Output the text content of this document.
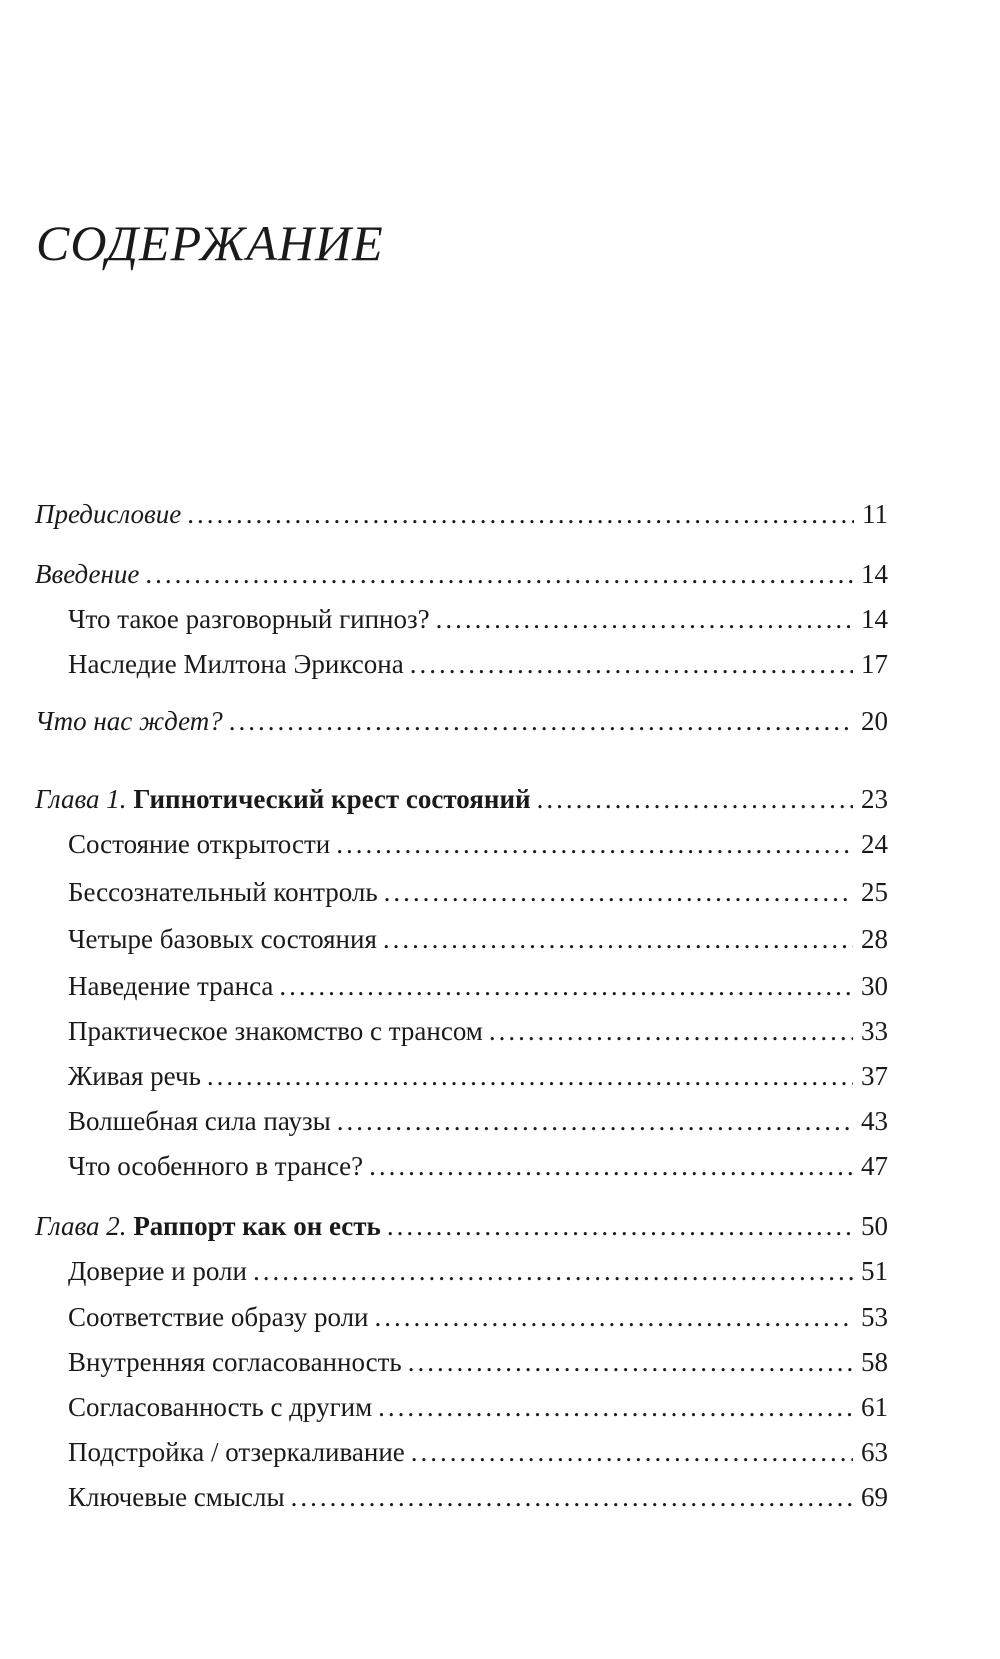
СОДЕРЖАНИЕ
Предисловие .....	11
Введение .....	14
Что такое разговорный гипноз? .....	14
Наследие Милтона Эриксона .....	17
Что нас ждет? .....	20
Глава 1. Гипнотический крест состояний .....	23
Состояние открытости .....	24
Бессознательный контроль .....	25
Четыре базовых состояния .....	28
Наведение транса .....	30
Практическое знакомство с трансом .....	33
Живая речь .....	37
Волшебная сила паузы .....	43
Что особенного в трансе? .....	47
Глава 2. Раппорт как он есть .....	50
Доверие и роли .....	51
Соответствие образу роли .....	53
Внутренняя согласованность .....	58
Согласованность с другим .....	61
Подстройка / отзеркаливание .....	63
Ключевые смыслы .....	69
